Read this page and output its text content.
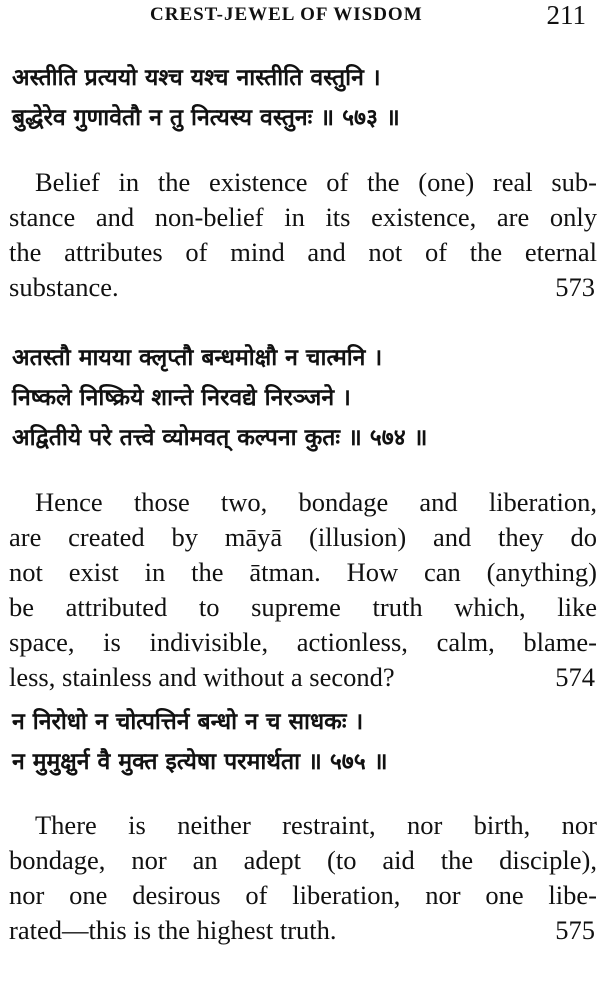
CREST-JEWEL OF WISDOM	211
अस्तीति प्रत्ययो यश्च यश्च नास्तीति वस्तुनि ।
बुद्धेरेव गुणावेतौ न तु नित्यस्य वस्तुनः ॥ ५७३ ॥
Belief in the existence of the (one) real sub-
stance and non-belief in its existence, are only
the attributes of mind and not of the eternal
substance.	573
अतस्तौ मायया क्लृप्तौ बन्धमोक्षौ न चात्मनि ।
निष्कले निष्क्रिये शान्ते निरवद्ये निरञ्जने ।
अद्वितीये परे तत्त्वे व्योमवत् कल्पना कुतः ॥ ५७४ ॥
Hence those two, bondage and liberation,
are created by māyā (illusion) and they do
not exist in the ātman. How can (anything)
be attributed to supreme truth which, like
space, is indivisible, actionless, calm, blame-
less, stainless and without a second?	574
न निरोधो न चोत्पत्तिर्न बन्धो न च साधकः ।
न मुमुक्षुर्न वै मुक्त इत्येषा परमार्थता ॥ ५७५ ॥
There is neither restraint, nor birth, nor
bondage, nor an adept (to aid the disciple),
nor one desirous of liberation, nor one libe-
rated—this is the highest truth.	575
